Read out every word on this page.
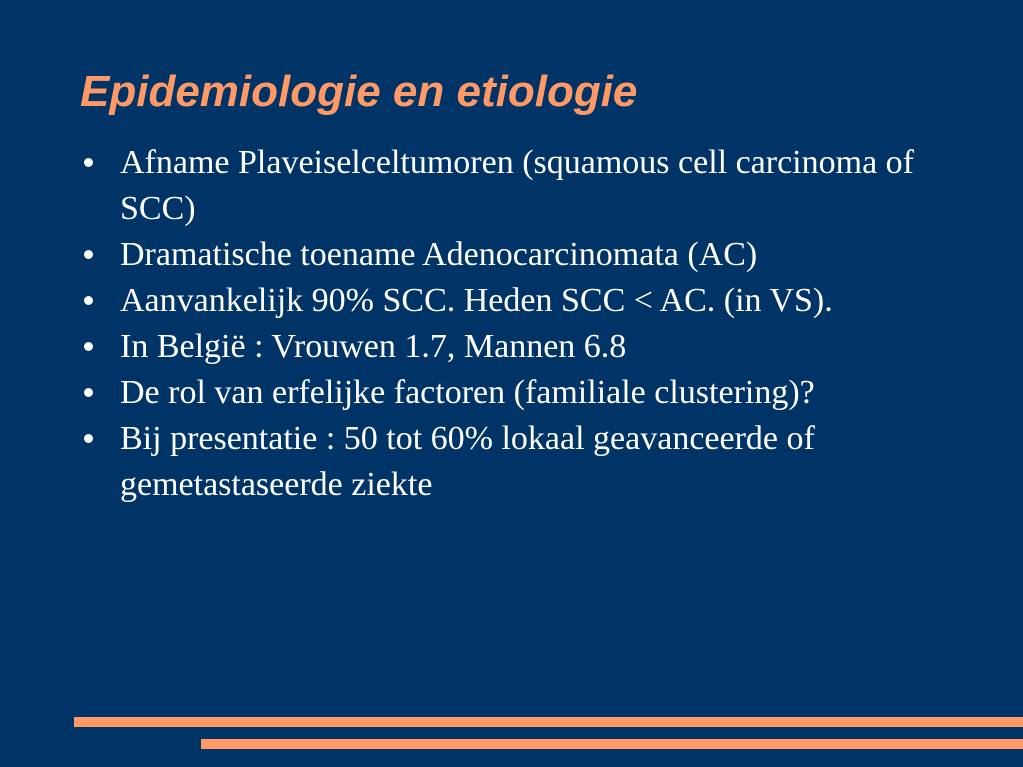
Epidemiologie en etiologie
Afname Plaveiselceltumoren (squamous cell carcinoma of SCC)
Dramatische toename Adenocarcinomata (AC)
Aanvankelijk 90% SCC. Heden SCC < AC. (in VS).
In België : Vrouwen 1.7, Mannen 6.8
De rol van erfelijke factoren (familiale clustering)?
Bij presentatie : 50 tot 60% lokaal geavanceerde of gemetastaseerde ziekte
